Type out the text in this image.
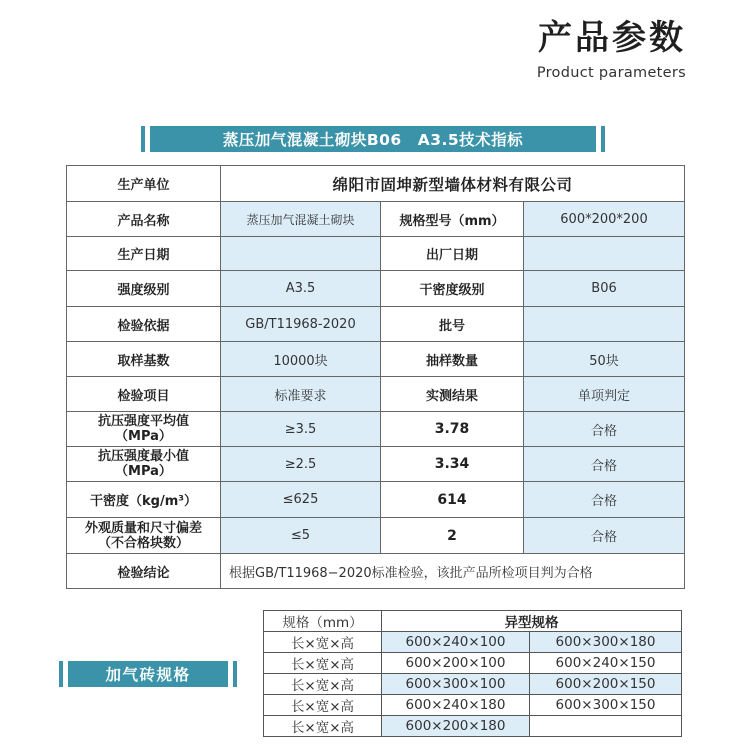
产品参数
Product parameters
蒸压加气混凝土砌块B06　A3.5技术指标
生产单位	绵阳市固坤新型墙体材料有限公司		
产品名称	蒸压加气混凝土砌块	规格型号（mm）	600*200*200
生产日期		出厂日期	
强度级别	A3.5	干密度级别	B06
检验依据	GB/T11968-2020	批号	
取样基数	10000块	抽样数量	50块
检验项目	标准要求	实测结果	单项判定

抗压强度平均值
（MPa）	≥3.5	3.78	合格

抗压强度最小值
（MPa）	≥2.5	3.34	合格
干密度（kg/m³）	≤625	614	合格

外观质量和尺寸偏差
（不合格块数）	≤5	2	合格
检验结论	根据GB/T11968−2020标准检验，该批产品所检项目判为合格		
加气砖规格
规格（mm）	异型规格	
长×宽×高	600×240×100	600×300×180
长×宽×高	600×200×100	600×240×150
长×宽×高	600×300×100	600×200×150
长×宽×高	600×240×180	600×300×150
长×宽×高	600×200×180	
